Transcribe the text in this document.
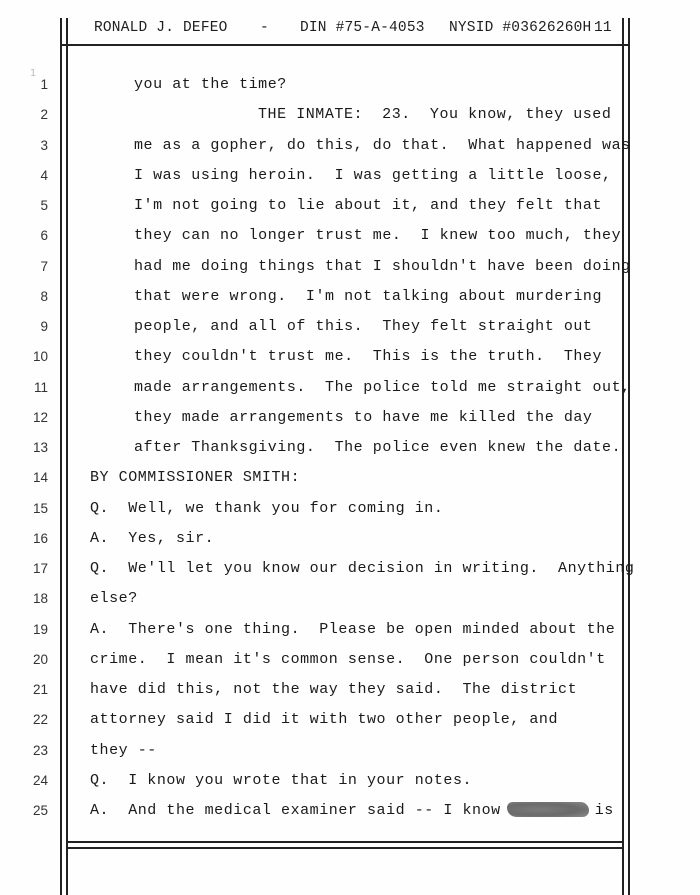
RONALD J. DEFEO

-

DIN #75-A-4053

NYSID #03626260H

11

1
1
2
3
4
5
6
7
8
9
10
11
12
13
14
15
16
17
18
19
20
21
22
23
24
25
you at the time?
THE INMATE:  23.  You know, they used
me as a gopher, do this, do that.  What happened was
I was using heroin.  I was getting a little loose,
I'm not going to lie about it, and they felt that
they can no longer trust me.  I knew too much, they
had me doing things that I shouldn't have been doing
that were wrong.  I'm not talking about murdering
people, and all of this.  They felt straight out
they couldn't trust me.  This is the truth.  They
made arrangements.  The police told me straight out,
they made arrangements to have me killed the day
after Thanksgiving.  The police even knew the date.
BY COMMISSIONER SMITH:
Q.  Well, we thank you for coming in.
A.  Yes, sir.
Q.  We'll let you know our decision in writing.  Anything
else?
A.  There's one thing.  Please be open minded about the
crime.  I mean it's common sense.  One person couldn't
have did this, not the way they said.  The district
attorney said I did it with two other people, and
they --
Q.  I know you wrote that in your notes.
A.  And the medical examiner said -- I know	is
